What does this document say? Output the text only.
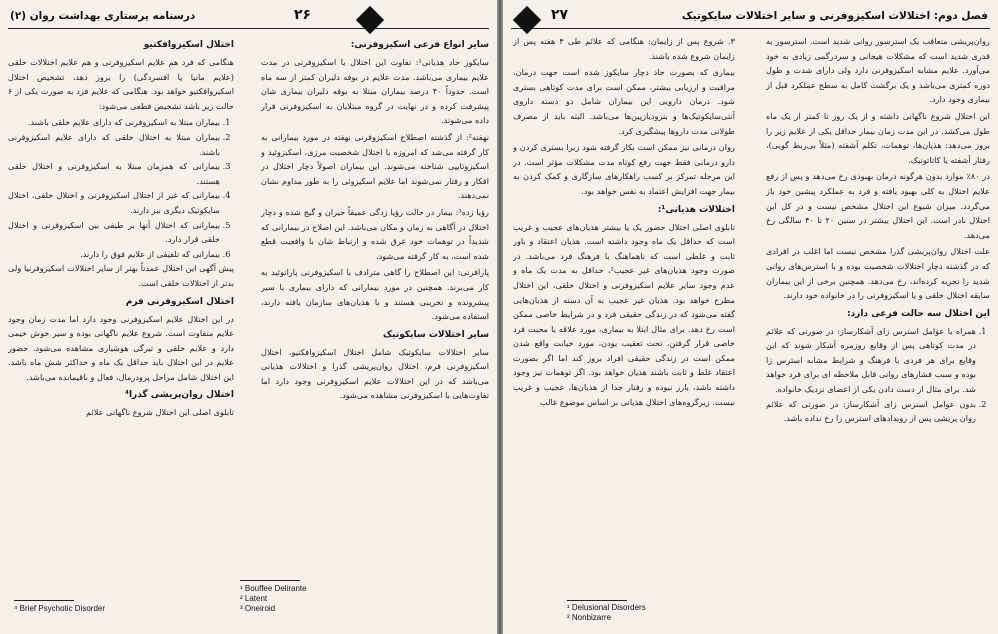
درسنامه پرستاری بهداشت روان (۲)	۲۶
سایر انواع فرعی اسکیزوفرنی:

سایکوز حاد هذیانی¹: تفاوت این اختلال با اسکیزوفرنی در مدت علایم بیماری می‌باشد. مدت علایم در بوفه دلیران کمتر از سه ماه است. حدوداً ۴۰ درصد بیماران مبتلا به بوفه دلیران بیماری شان پیشرفت کرده و در نهایت در گروه مبتلایان به اسکیزوفرنی قرار داده می‌شوند.

نهفته²: از گذشته اصطلاح اسکیزوفرنی نهفته در مورد بیمارانی به کار گرفته می‌شد که امروزه با اختلال شخصیت مرزی، اسکیزوئید و اسکیزوتایپی شناخته می‌شوند. این بیماران اصولاً دچار اختلال در افکار و رفتار نمی‌شوند اما علایم اسکیزوئی را به طور مداوم نشان نمی‌دهند.

رؤیا زده³: بیمار در حالت رؤیا زدگی عمیقاً حیران و گیج شده و دچار اختلال در آگاهی به زمان و مکان می‌باشد. این اصلاح در بیمارانی که شدیداً در توهمات خود غرق شده و ارتباط شان با واقعیت قطع شده است، به کار گرفته می‌شود.

پارافرنی: این اصطلاح را گاهی مترادف با اسکیزوفرنی پارانوئید به کار می‌برند. همچنین در مورد بیمارانی که دارای بیماری با سیر پیشرونده و تخریبی هستند و با هذیان‌های سازمان یافته دارند، استفاده می‌شود.

سایر اختلالات سایکوتیک

سایر اختلالات سایکوتیک شامل اختلال اسکیزوافکتیو، اختلال اسکیزوفرنی فرم، اختلال روان‌پریشی گذرا و اختلالات هذیانی می‌باشد که در این اختلالات علایم اسکیزوفرنی وجود دارد اما تفاوت‌هایی با اسکیزوفرنی مشاهده می‌شود.

اختلال اسکیزوافکتیو

هنگامی که فرد هم علایم اسکیزوفرنی و هم علایم اختلالات خلقی (علایم مانیا یا افسردگی) را بروز دهد، تشخیص اختلال اسکیزوافکتیو خواهد بود. هنگامی که علایم فرد به صورت یکی از ۶ حالت زیر باشد تشخیص قطعی می‌شود:

1. بیماران مبتلا به اسکیزوفرنی که دارای علایم خلقی باشند.
2. بیماران مبتلا به اختلال خلقی که دارای علایم اسکیزوفرنی باشند.
3. بیمارانی که همزمان مبتلا به اسکیزوفرنی و اختلال خلقی هستند.
4. بیمارانی که غیر از اختلال اسکیزوفرنی و اختلال خلقی، اختلال سایکوتیک دیگری نیز دارند.
5. بیمارانی که اختلال آنها بر طیفی بین اسکیزوفرنی و اختلال خلقی قرار دارد.
6. بیمارانی که تلفیقی از علایم فوق را دارند.

پیش آگهی این اختلال عمدتاً بهتر از سایر اختلالات اسکیزوفرنیا ولی بدتر از اختلالات خلقی است.

اختلال اسکیزوفرنی فرم

در این اختلال علایم اسکیزوفرنی وجود دارد اما مدت زمان وجود علایم متفاوت است. شروع علایم ناگهانی بوده و سیر خوش خیمی دارد و علایم خلقی و تیرگی هوشیاری مشاهده می‌شود. حضور علایم در این اختلال باید حداقل یک ماه و حداکثر شش ماه باشد. این اختلال شامل مراحل پرودرمال، فعال و باقیمانده می‌باشد.

اختلال روان‌پریشی گذرا⁴

تابلوی اصلی این اختلال شروع ناگهانی علائم

¹ Bouffee Delirante
² Latent
³ Oneiroid
⁴ Brief Psychotic Disorder
فصل دوم: اختلالات اسکیزوفرنی و سایر اختلالات سایکوتیک
۲۷

روان‌پریشی متعاقب یک استرسور روانی شدید است. استرسور به قدری شدید است که مشکلات هیجانی و سردرگمی زیادی به خود می‌آورد. علایم مشابه اسکیزوفرنی دارد ولی دارای شدت و طول دوره کمتری می‌باشد و یک برگشت کامل به سطح عملکرد قبل از بیماری وجود دارد.

این اختلال شروع ناگهانی داشته و از یک روز تا کمتر از یک ماه طول می‌کشد. در این مدت زمان بیمار حداقل یکی از علایم زیر را بروز می‌دهد: هذیان‌ها، توهمات، تکلم آشفته (مثلاً بی‌ربط گویی)، رفتار آشفته یا کاتاتونیک.

در ۸۰٪ موارد بدون هرگونه درمان بهبودی رخ می‌دهد و پس از رفع علایم اختلال به کلی بهبود یافته و فرد به عملکرد پیشین خود باز می‌گردد. میزان شیوع این اختلال مشخص نیست و در کل این اختلال نادر است. این اختلال بیشتر در سنین ۲۰ تا ۴۰ سالگی رخ می‌دهد.

علت اختلال روان‌پریشی گذرا مشخص نیست اما اغلب در افرادی که در گذشته دچار اختلالات شخصیت بوده و با استرس‌های روانی شدید را تجربه کرده‌اند، رخ می‌دهد. همچنین برخی از این بیماران سابقه اختلال خلقی و یا اسکیزوفرنی را در خانواده خود دارند.

این اختلال سه حالت فرعی دارد:
1. همراه با عوامل استرس زای آشکارساز: در صورتی که علائم در مدت کوتاهی پس از وقایع روزمره آشکار شوند که این وقایع برای هر فردی با فرهنگ و شرایط مشابه استرس زا بوده و سبب فشارهای روانی قابل ملاحظه ای برای فرد خواهد شد. برای مثال از دست دادن یکی از اعضای نزدیک خانواده.
2. بدون عوامل استرس زای آشکارساز: در صورتی که علائم روان پریشی پس از رویدادهای استرس زا رخ نداده باشد.

۳. شروع پس از زایمان: هنگامی که علائم طی ۴ هفته پس از زایمان شروع شده باشند.

بیماری که بصورت حاد دچار سایکوز شده است جهت درمان، مراقبت و ارزیابی بیشتر، ممکن است برای مدت کوتاهی بستری شود. درمان دارویی این بیماران شامل دو دسته داروی آنتی‌سایکوتیک‌ها و بنزودیازپین‌ها می‌باشد. البته باید از مصرف طولانی مدت داروها پیشگیری کرد.

روان درمانی نیز ممکن است بکار گرفته شود زیرا بستری کردن و دارو درمانی فقط جهت رفع کوتاه مدت مشکلات مؤثر است. در این مرحله تمرکز بر کسب راهکارهای سازگاری و کمک کردن به بیمار جهت افزایش اعتماد به نفس خواهد بود.

اختلالات هذیانی¹:

تابلوی اصلی اختلال حضور یک یا بیشتر هذیان‌های عجیب و غریب است که حداقل یک ماه وجود داشته است. هذیان اعتقاد و باور ثابت و غلطی است که ناهماهنگ با فرهنگ فرد می‌باشد. در صورت وجود هذیان‌های غیر عجیب²، حداقل به مدت یک ماه و عدم وجود سایر علایم اسکیزوفرنی و اختلال خلقی، این اختلال مطرح خواهد بود. هذیان غیر عجیب به آن دسته از هذیان‌هایی گفته می‌شود که در زندگی حقیقی فرد و در شرایط خاصی ممکن است رخ دهد. برای مثال ابتلا به بیماری، مورد علاقه یا محبت فرد خاصی قرار گرفتن، تحت تعقیب بودن، مورد خیانت واقع شدن ممکن است در زندگی حقیقی افراد بروز کند اما اگر بصورت اعتقاد غلط و ثابت باشند هذیان خواهد بود. اگر توهمات نیز وجود داشته باشد، بارز نبوده و رفتار جدا از هذیان‌ها، عجیب و غریب نیست. زیرگروه‌های اختلال هذیانی بر اساس موضوع غالب

¹ Delusional Disorders
² Nonbizarre
